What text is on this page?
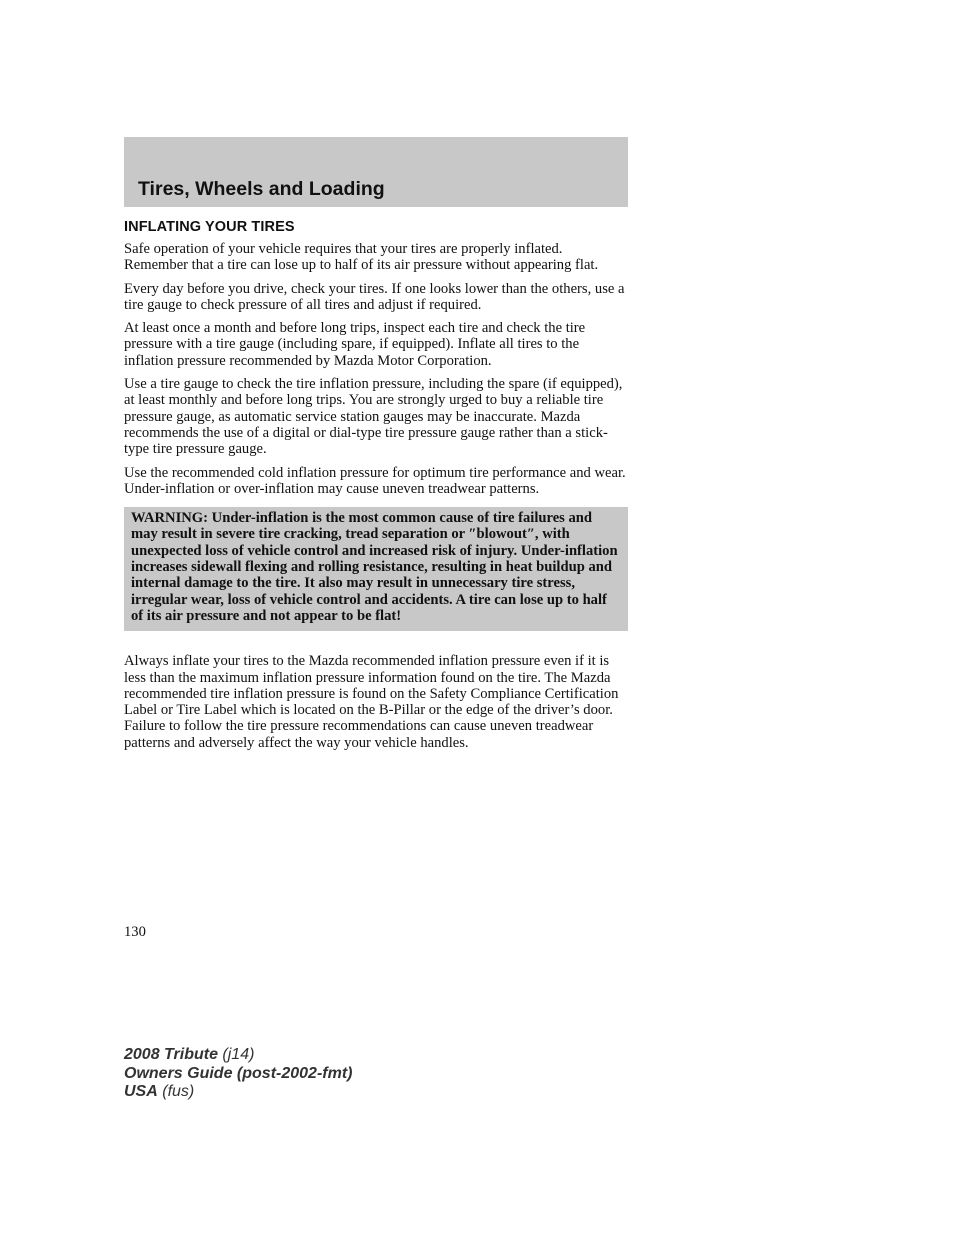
Tires, Wheels and Loading
INFLATING YOUR TIRES

Safe operation of your vehicle requires that your tires are properly inflated. Remember that a tire can lose up to half of its air pressure without appearing flat.

Every day before you drive, check your tires. If one looks lower than the others, use a tire gauge to check pressure of all tires and adjust if required.

At least once a month and before long trips, inspect each tire and check the tire pressure with a tire gauge (including spare, if equipped). Inflate all tires to the inflation pressure recommended by Mazda Motor Corporation.

Use a tire gauge to check the tire inflation pressure, including the spare (if equipped), at least monthly and before long trips. You are strongly urged to buy a reliable tire pressure gauge, as automatic service station gauges may be inaccurate. Mazda recommends the use of a digital or dial-type tire pressure gauge rather than a stick-type tire pressure gauge.

Use the recommended cold inflation pressure for optimum tire performance and wear. Under-inflation or over-inflation may cause uneven treadwear patterns.

WARNING: Under-inflation is the most common cause of tire failures and may result in severe tire cracking, tread separation or ″blowout″, with unexpected loss of vehicle control and increased risk of injury. Under-inflation increases sidewall flexing and rolling resistance, resulting in heat buildup and internal damage to the tire. It also may result in unnecessary tire stress, irregular wear, loss of vehicle control and accidents. A tire can lose up to half of its air pressure and not appear to be flat!

Always inflate your tires to the Mazda recommended inflation pressure even if it is less than the maximum inflation pressure information found on the tire. The Mazda recommended tire inflation pressure is found on the Safety Compliance Certification Label or Tire Label which is located on the B-Pillar or the edge of the driver’s door. Failure to follow the tire pressure recommendations can cause uneven treadwear patterns and adversely affect the way your vehicle handles.

130
2008 Tribute (j14)
Owners Guide (post-2002-fmt)
USA (fus)
